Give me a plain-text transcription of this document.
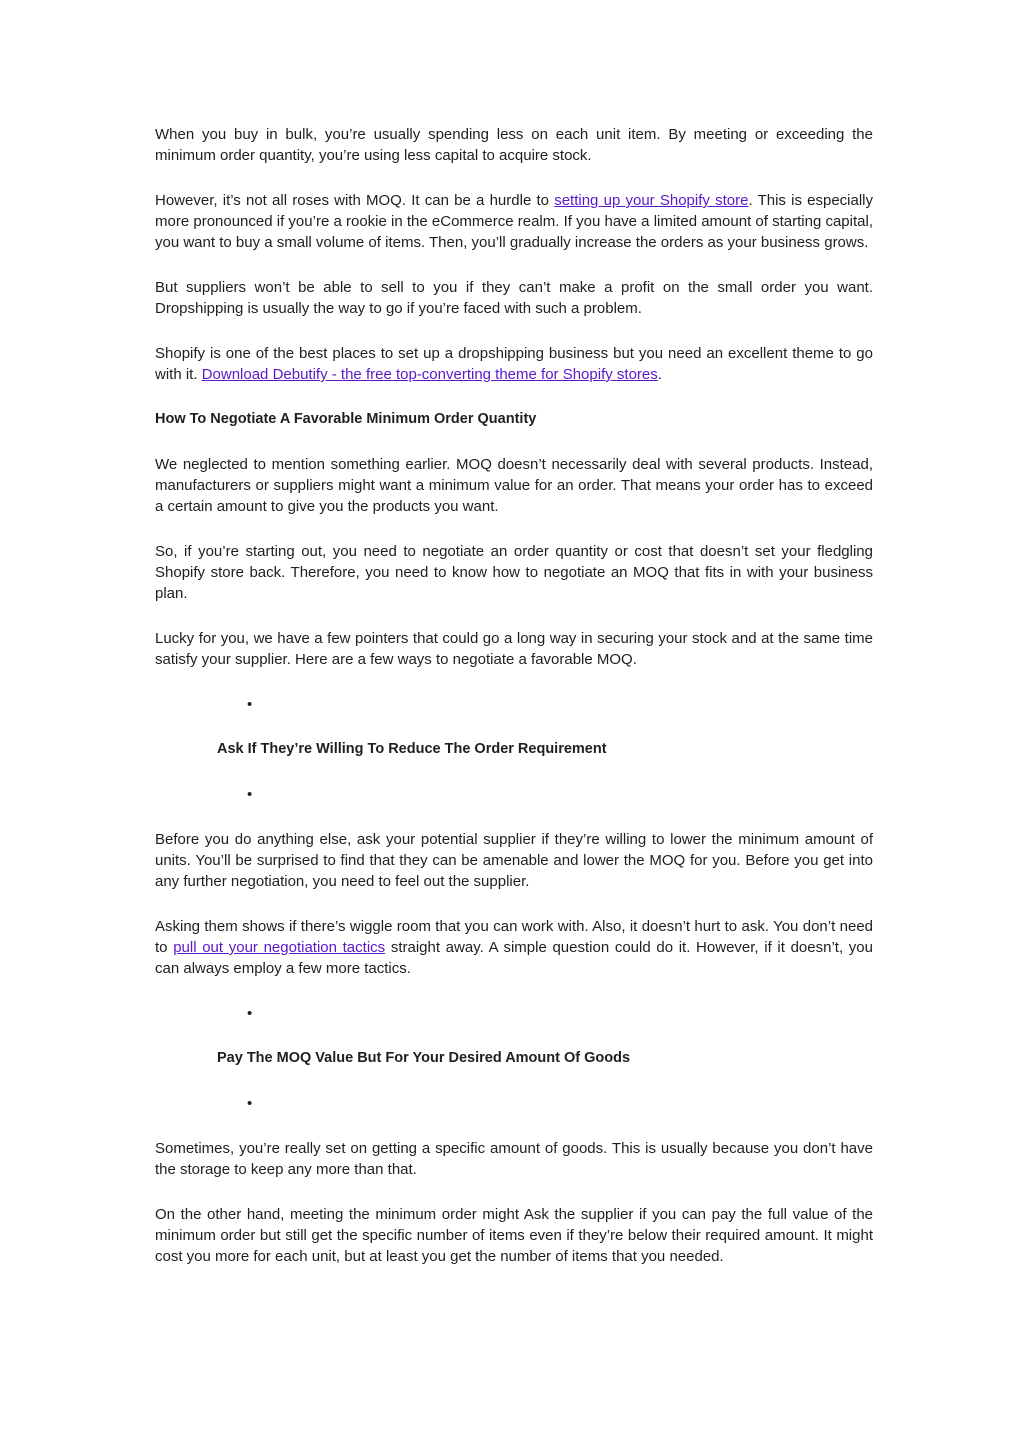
When you buy in bulk, you’re usually spending less on each unit item. By meeting or exceeding the minimum order quantity, you’re using less capital to acquire stock.

However, it’s not all roses with MOQ. It can be a hurdle to setting up your Shopify store. This is especially more pronounced if you’re a rookie in the eCommerce realm. If you have a limited amount of starting capital, you want to buy a small volume of items. Then, you’ll gradually increase the orders as your business grows.

But suppliers won’t be able to sell to you if they can’t make a profit on the small order you want. Dropshipping is usually the way to go if you’re faced with such a problem.

Shopify is one of the best places to set up a dropshipping business but you need an excellent theme to go with it. Download Debutify - the free top-converting theme for Shopify stores.

How To Negotiate A Favorable Minimum Order Quantity

We neglected to mention something earlier. MOQ doesn’t necessarily deal with several products. Instead, manufacturers or suppliers might want a minimum value for an order. That means your order has to exceed a certain amount to give you the products you want.

So, if you’re starting out, you need to negotiate an order quantity or cost that doesn’t set your fledgling Shopify store back. Therefore, you need to know how to negotiate an MOQ that fits in with your business plan.

Lucky for you, we have a few pointers that could go a long way in securing your stock and at the same time satisfy your supplier. Here are a few ways to negotiate a favorable MOQ.

•

Ask If They’re Willing To Reduce The Order Requirement

•

Before you do anything else, ask your potential supplier if they’re willing to lower the minimum amount of units. You’ll be surprised to find that they can be amenable and lower the MOQ for you. Before you get into any further negotiation, you need to feel out the supplier.

Asking them shows if there’s wiggle room that you can work with. Also, it doesn’t hurt to ask. You don’t need to pull out your negotiation tactics straight away. A simple question could do it. However, if it doesn’t, you can always employ a few more tactics.

•

Pay The MOQ Value But For Your Desired Amount Of Goods

•

Sometimes, you’re really set on getting a specific amount of goods. This is usually because you don’t have the storage to keep any more than that.

On the other hand, meeting the minimum order might Ask the supplier if you can pay the full value of the minimum order but still get the specific number of items even if they’re below their required amount. It might cost you more for each unit, but at least you get the number of items that you needed.
